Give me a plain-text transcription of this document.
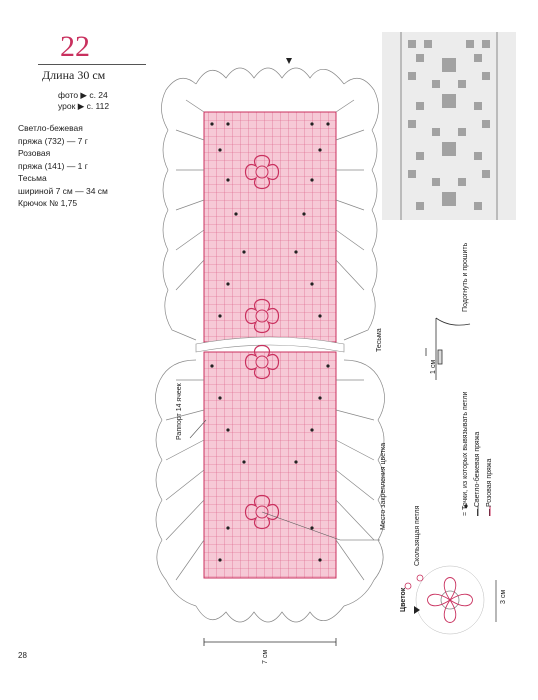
22
Длина 30 см
фото ▶ с. 24
урок ▶ с. 112
Светло-бежевая
пряжа (732) — 7 г
Розовая
пряжа (141) — 1 г
Тесьма
шириной 7 см — 34 см
Крючок № 1,75
Подогнуть и прошить
Тесьма
Раппорт 14 ячеек
Место закрепления цветка
1 см
7 см
3 см
Цветок
Скользящая петля
= Точки, из которых вывязывать петли — Светло-бежевая пряжа — Розовая пряжа
28
